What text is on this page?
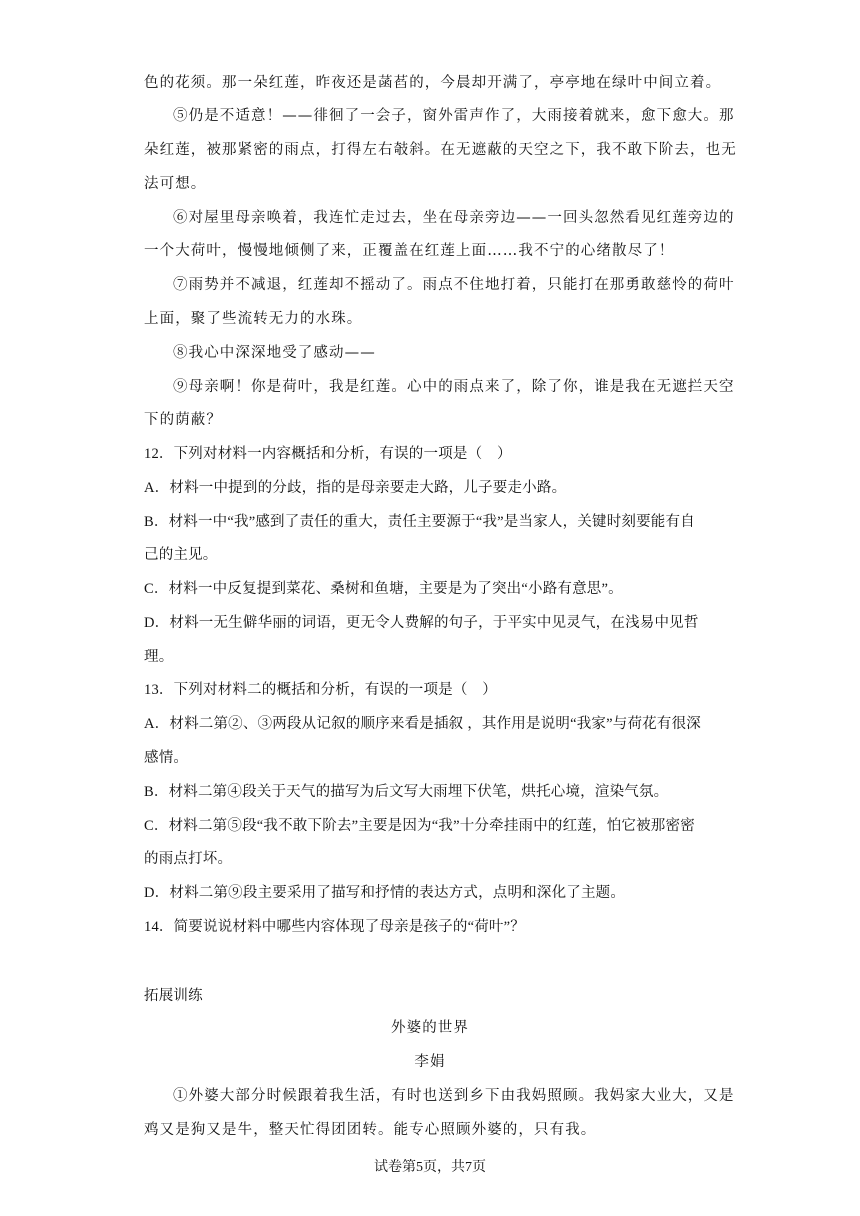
色的花须。那一朵红莲，昨夜还是菡萏的，今晨却开满了，亭亭地在绿叶中间立着。
⑤仍是不适意！——徘徊了一会子，窗外雷声作了，大雨接着就来，愈下愈大。那
朵红莲，被那紧密的雨点，打得左右攲斜。在无遮蔽的天空之下，我不敢下阶去，也无
法可想。
⑥对屋里母亲唤着，我连忙走过去，坐在母亲旁边——一回头忽然看见红莲旁边的
一个大荷叶，慢慢地倾侧了来，正覆盖在红莲上面……我不宁的心绪散尽了！
⑦雨势并不减退，红莲却不摇动了。雨点不住地打着，只能打在那勇敢慈怜的荷叶
上面，聚了些流转无力的水珠。
⑧我心中深深地受了感动——
⑨母亲啊！你是荷叶，我是红莲。心中的雨点来了，除了你，谁是我在无遮拦天空
下的荫蔽？
12．下列对材料一内容概括和分析，有误的一项是（　）
A．材料一中提到的分歧，指的是母亲要走大路，儿子要走小路。
B．材料一中“我”感到了责任的重大，责任主要源于“我”是当家人，关键时刻要能有自
己的主见。
C．材料一中反复提到菜花、桑树和鱼塘，主要是为了突出“小路有意思”。
D．材料一无生僻华丽的词语，更无令人费解的句子，于平实中见灵气，在浅易中见哲
理。
13．下列对材料二的概括和分析，有误的一项是（　）
A．材料二第②、③两段从记叙的顺序来看是插叙 ，其作用是说明“我家”与荷花有很深
感情。
B．材料二第④段关于天气的描写为后文写大雨埋下伏笔，烘托心境，渲染气氛。
C．材料二第⑤段“我不敢下阶去”主要是因为“我”十分牵挂雨中的红莲，怕它被那密密
的雨点打坏。
D．材料二第⑨段主要采用了描写和抒情的表达方式，点明和深化了主题。
14．简要说说材料中哪些内容体现了母亲是孩子的“荷叶”？
拓展训练
外婆的世界
李娟
①外婆大部分时候跟着我生活，有时也送到乡下由我妈照顾。我妈家大业大，又是
鸡又是狗又是牛，整天忙得团团转。能专心照顾外婆的，只有我。
试卷第5页，共7页
